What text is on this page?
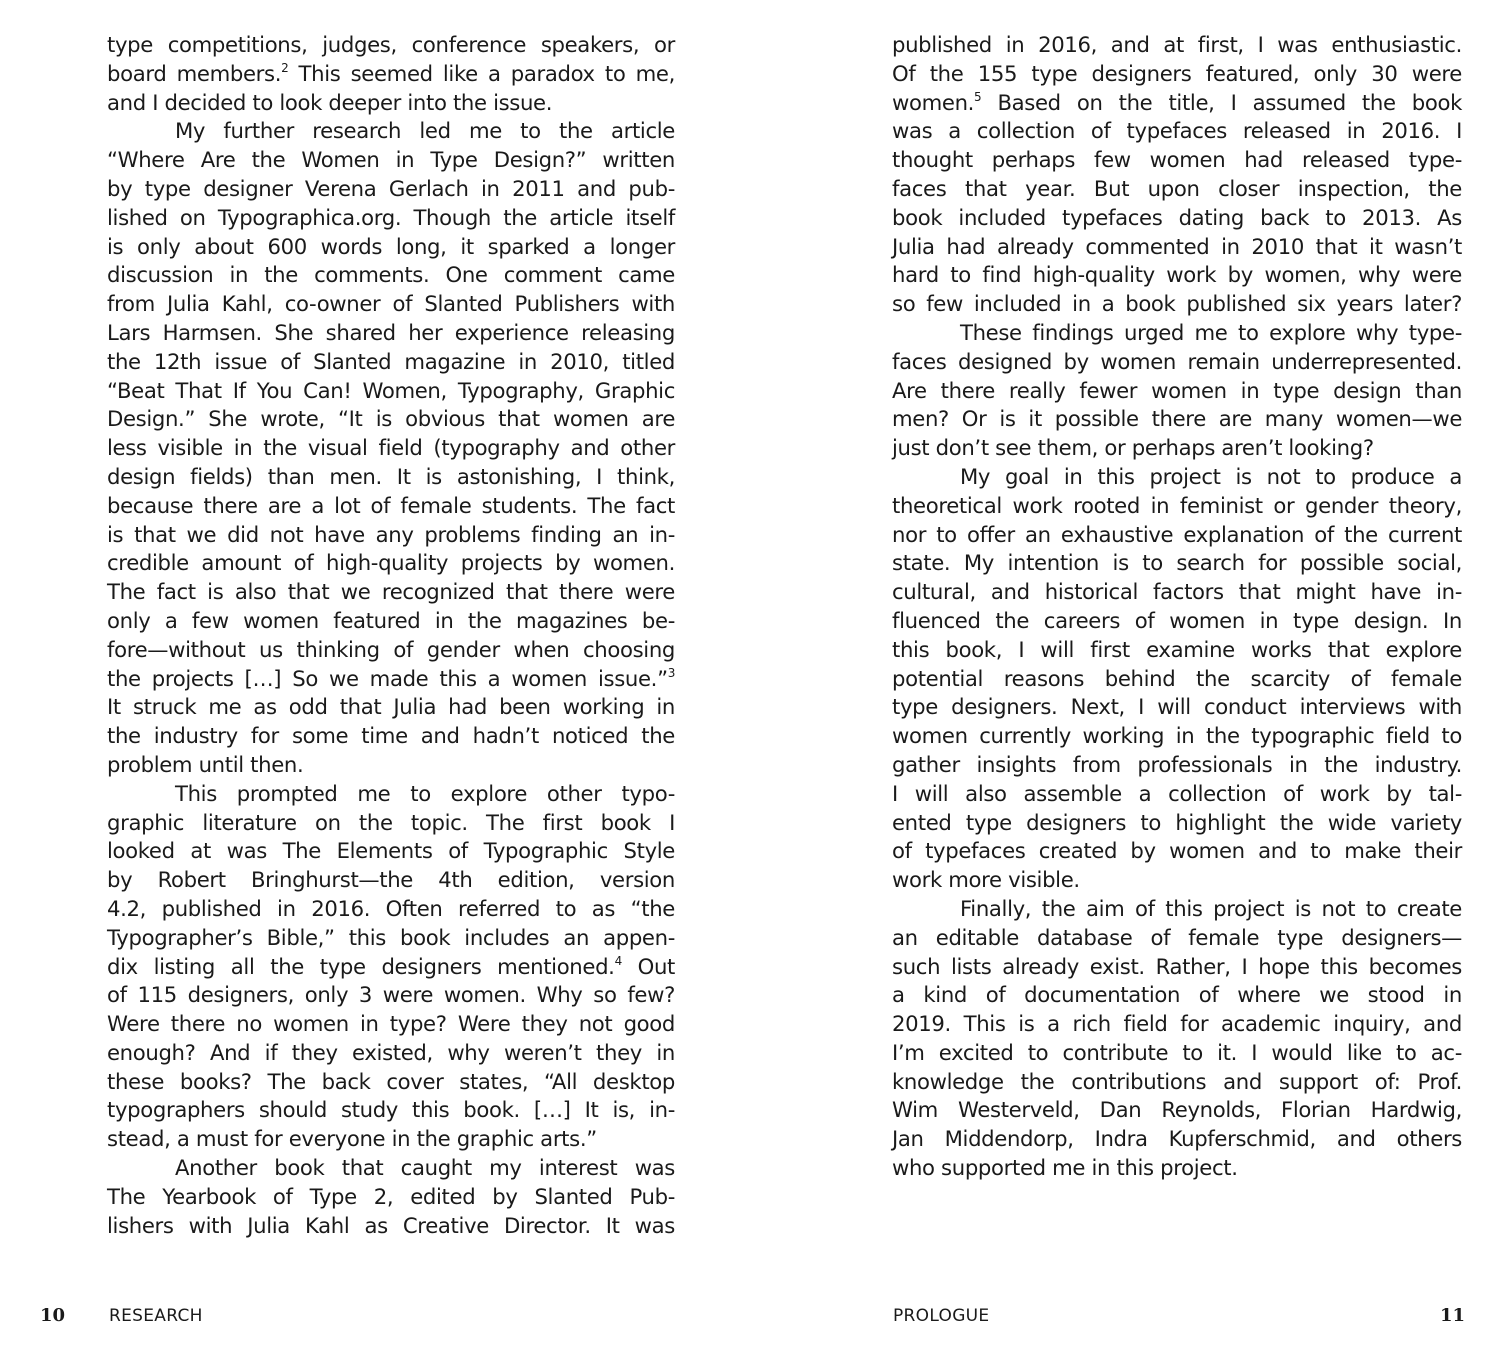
type competitions, judges, conference speakers, or
board members.$^2$ This seemed like a paradox to me,
and I decided to look deeper into the issue.
My further research led me to the article
“Where Are the Women in Type Design?” written
by type designer Verena Gerlach in 2011 and pub-
lished on Typographica.org. Though the article itself
is only about 600 words long, it sparked a longer
discussion in the comments. One comment came
from Julia Kahl, co-owner of Slanted Publishers with
Lars Harmsen. She shared her experience releasing
the 12th issue of Slanted magazine in 2010, titled
“Beat That If You Can! Women, Typography, Graphic
Design.” She wrote, “It is obvious that women are
less visible in the visual field (typography and other
design fields) than men. It is astonishing, I think,
because there are a lot of female students. The fact
is that we did not have any problems finding an in-
credible amount of high-quality projects by women.
The fact is also that we recognized that there were
only a few women featured in the magazines be-
fore—without us thinking of gender when choosing
the projects […] So we made this a women issue.”$^3$
It struck me as odd that Julia had been working in
the industry for some time and hadn’t noticed the
problem until then.
This prompted me to explore other typo-
graphic literature on the topic. The first book I
looked at was The Elements of Typographic Style
by Robert Bringhurst—the 4th edition, version
4.2, published in 2016. Often referred to as “the
Typographer’s Bible,” this book includes an appen-
dix listing all the type designers mentioned.$^4$ Out
of 115 designers, only 3 were women. Why so few?
Were there no women in type? Were they not good
enough? And if they existed, why weren’t they in
these books? The back cover states, “All desktop
typographers should study this book. […] It is, in-
stead, a must for everyone in the graphic arts.”
Another book that caught my interest was
The Yearbook of Type 2, edited by Slanted Pub-
lishers with Julia Kahl as Creative Director. It was
published in 2016, and at first, I was enthusiastic.
Of the 155 type designers featured, only 30 were
women.$^5$ Based on the title, I assumed the book
was a collection of typefaces released in 2016. I
thought perhaps few women had released type-
faces that year. But upon closer inspection, the
book included typefaces dating back to 2013. As
Julia had already commented in 2010 that it wasn’t
hard to find high-quality work by women, why were
so few included in a book published six years later?
These findings urged me to explore why type-
faces designed by women remain underrepresented.
Are there really fewer women in type design than
men? Or is it possible there are many women—we
just don’t see them, or perhaps aren’t looking?
My goal in this project is not to produce a
theoretical work rooted in feminist or gender theory,
nor to offer an exhaustive explanation of the current
state. My intention is to search for possible social,
cultural, and historical factors that might have in-
fluenced the careers of women in type design. In
this book, I will first examine works that explore
potential reasons behind the scarcity of female
type designers. Next, I will conduct interviews with
women currently working in the typographic field to
gather insights from professionals in the industry.
I will also assemble a collection of work by tal-
ented type designers to highlight the wide variety
of typefaces created by women and to make their
work more visible.
Finally, the aim of this project is not to create
an editable database of female type designers—
such lists already exist. Rather, I hope this becomes
a kind of documentation of where we stood in
2019. This is a rich field for academic inquiry, and
I’m excited to contribute to it. I would like to ac-
knowledge the contributions and support of: Prof.
Wim Westerveld, Dan Reynolds, Florian Hardwig,
Jan Middendorp, Indra Kupferschmid, and others
who supported me in this project.
10	RESEARCH	PROLOGUE	11
